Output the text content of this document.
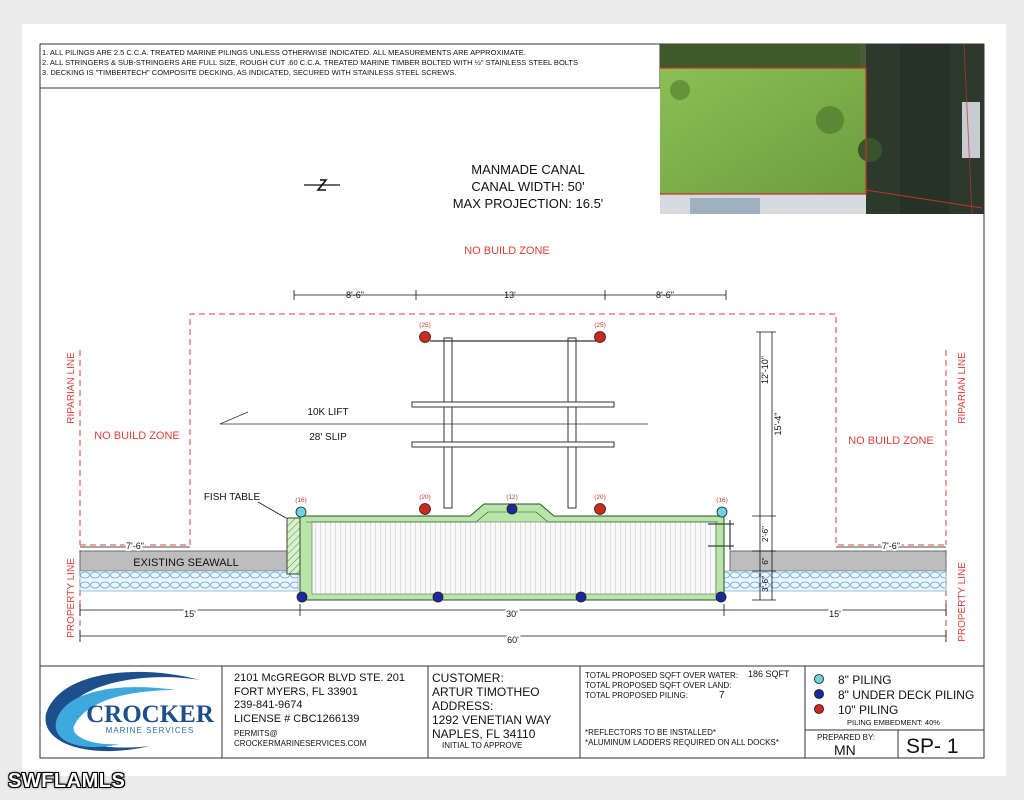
(25)	(25)
(20)	(20)
(12)
(16)	(16)
MANMADE CANAL
CANAL WIDTH: 50'
MAX PROJECTION: 16.5'
NO BUILD ZONE
NO BUILD ZONE	NO BUILD ZONE
RIPARIAN LINE	RIPARIAN LINE
PROPERTY LINE	PROPERTY LINE
EXISTING SEAWALL
FISH TABLE
10K LIFT
28' SLIP
8'-6"	13'	8'-6"
15'-4"
12'-10"
2'-6"
6"
3'-6"
7'-6"	7'-6"
15'	30'	15'
60'
CROCKER
MARINE SERVICES
SP- 1
1. ALL PILINGS ARE 2.5 C.C.A. TREATED MARINE PILINGS UNLESS OTHERWISE INDICATED. ALL MEASUREMENTS ARE APPROXIMATE.
2. ALL STRINGERS & SUB-STRINGERS ARE FULL SIZE, ROUGH CUT .60 C.C.A. TREATED MARINE TIMBER BOLTED WITH ½" STAINLESS STEEL BOLTS
3. DECKING IS "TIMBERTECH" COMPOSITE DECKING, AS INDICATED, SECURED WITH STAINLESS STEEL SCREWS.
2101 McGREGOR BLVD STE. 201
FORT MYERS, FL 33901
239-841-9674
LICENSE # CBC1266139
PERMITS@
CROCKERMARINESERVICES.COM
CUSTOMER:
ARTUR TIMOTHEO
ADDRESS:
1292 VENETIAN WAY
NAPLES, FL 34110
INITIAL TO APPROVE
TOTAL PROPOSED SQFT OVER WATER: 186 SQFT
TOTAL PROPOSED SQFT OVER LAND:
TOTAL PROPOSED PILING:	7
*REFLECTORS TO BE INSTALLED*
*ALUMINUM LADDERS REQUIRED ON ALL DOCKS*
8" PILING
8" UNDER DECK PILING
10" PILING
PILING EMBEDMENT: 40%
PREPARED BY:
MN
SWFLAMLS
